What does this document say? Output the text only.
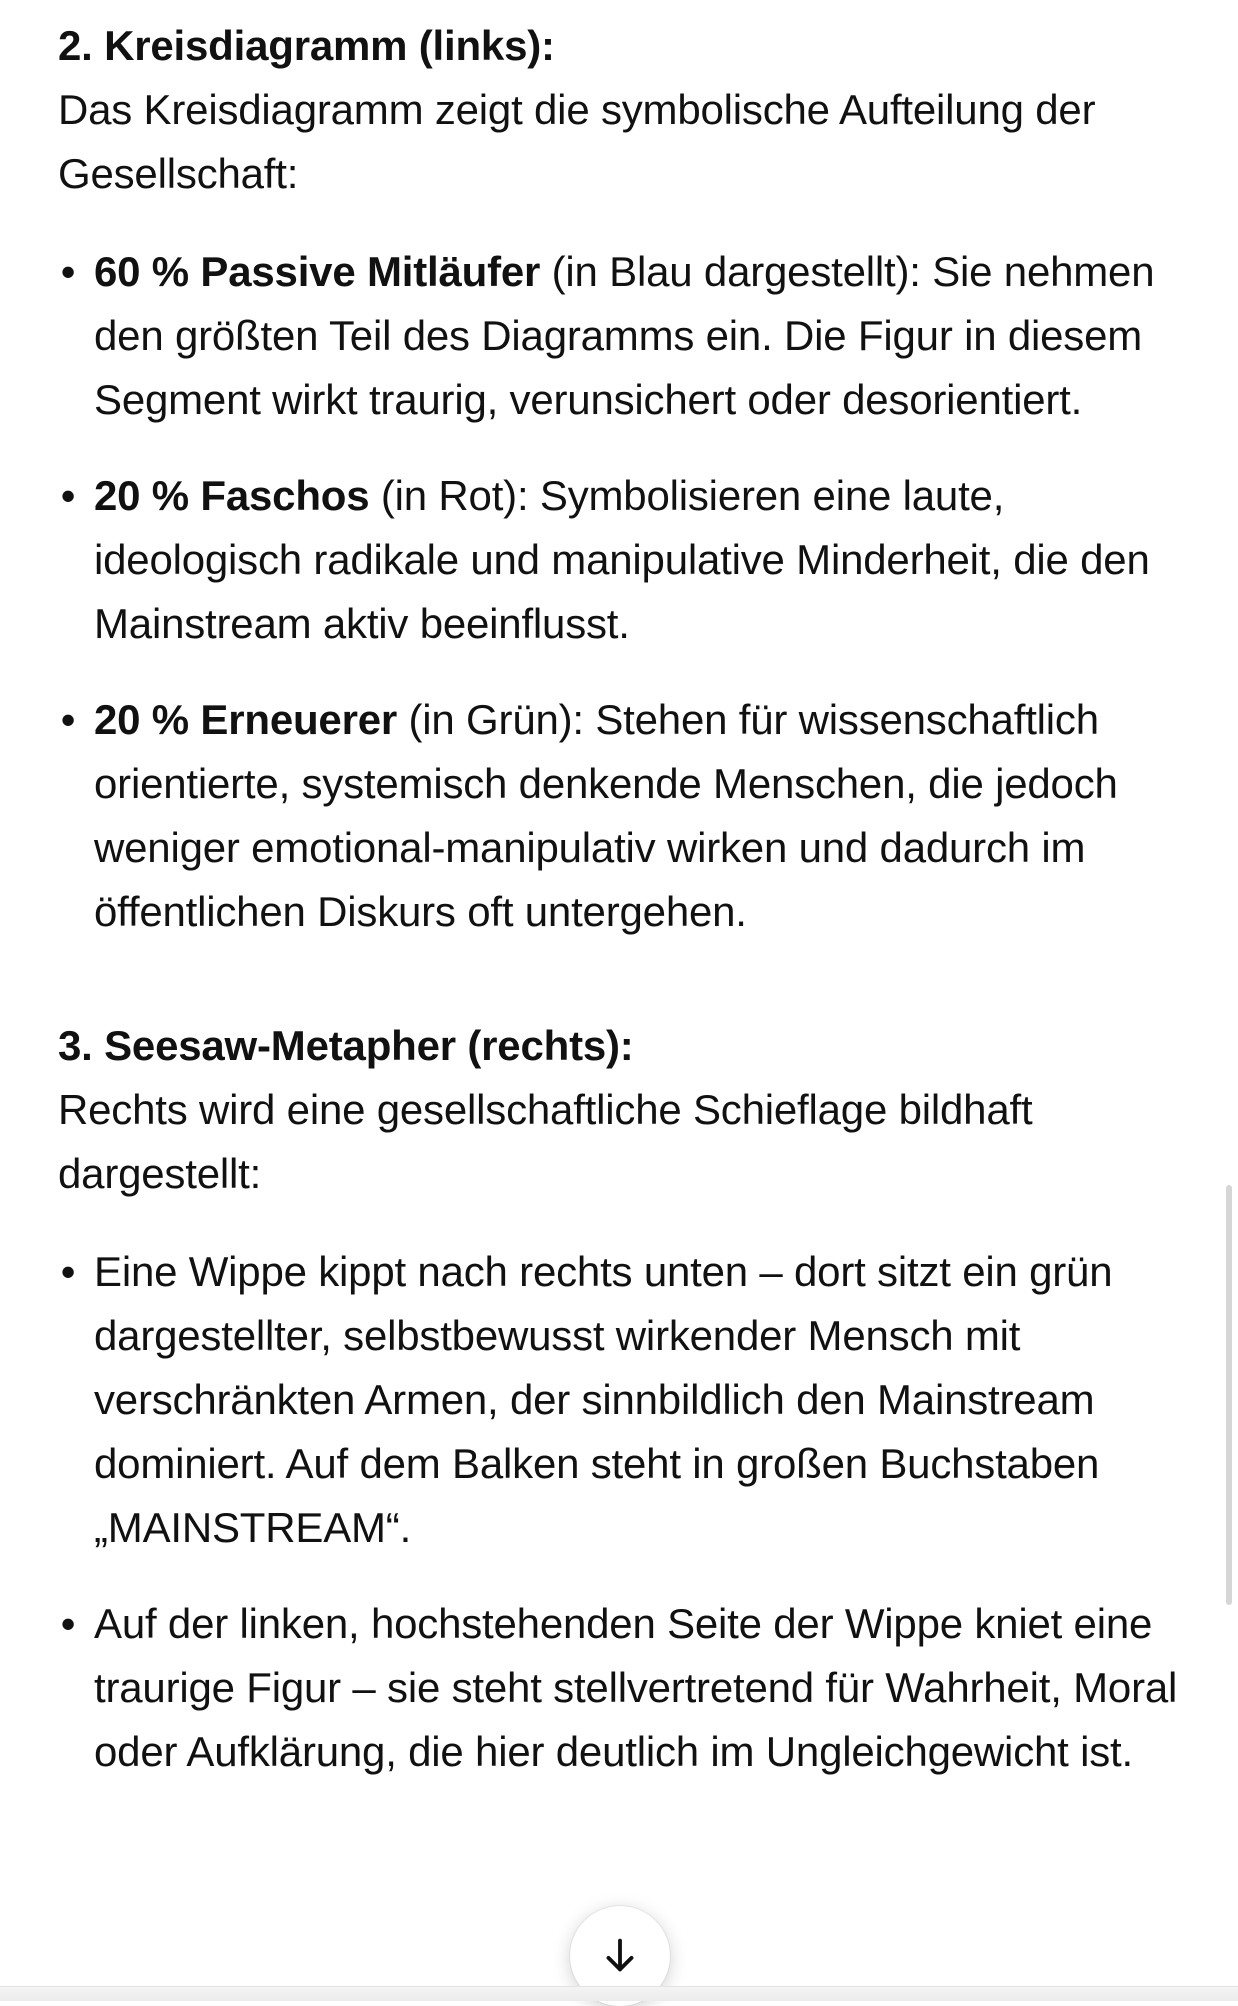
2. Kreisdiagramm (links):

Das Kreisdiagramm zeigt die symbolische Aufteilung der Gesellschaft:

• 60 % Passive Mitläufer (in Blau dargestellt): Sie nehmen den größten Teil des Diagramms ein. Die Figur in diesem Segment wirkt traurig, verunsichert oder desorientiert.
• 20 % Faschos (in Rot): Symbolisieren eine laute, ideologisch radikale und manipulative Minderheit, die den Mainstream aktiv beeinflusst.
• 20 % Erneuerer (in Grün): Stehen für wissenschaftlich orientierte, systemisch denkende Menschen, die jedoch weniger emotional-manipulativ wirken und dadurch im öffentlichen Diskurs oft untergehen.

3. Seesaw-Metapher (rechts):

Rechts wird eine gesellschaftliche Schieflage bildhaft dargestellt:

• Eine Wippe kippt nach rechts unten – dort sitzt ein grün dargestellter, selbstbewusst wirkender Mensch mit verschränkten Armen, der sinnbildlich den Mainstream dominiert. Auf dem Balken steht in großen Buchstaben „MAINSTREAM“.
• Auf der linken, hochstehenden Seite der Wippe kniet eine traurige Figur – sie steht stellvertretend für Wahrheit, Moral oder Aufklärung, die hier deutlich im Ungleichgewicht ist.
